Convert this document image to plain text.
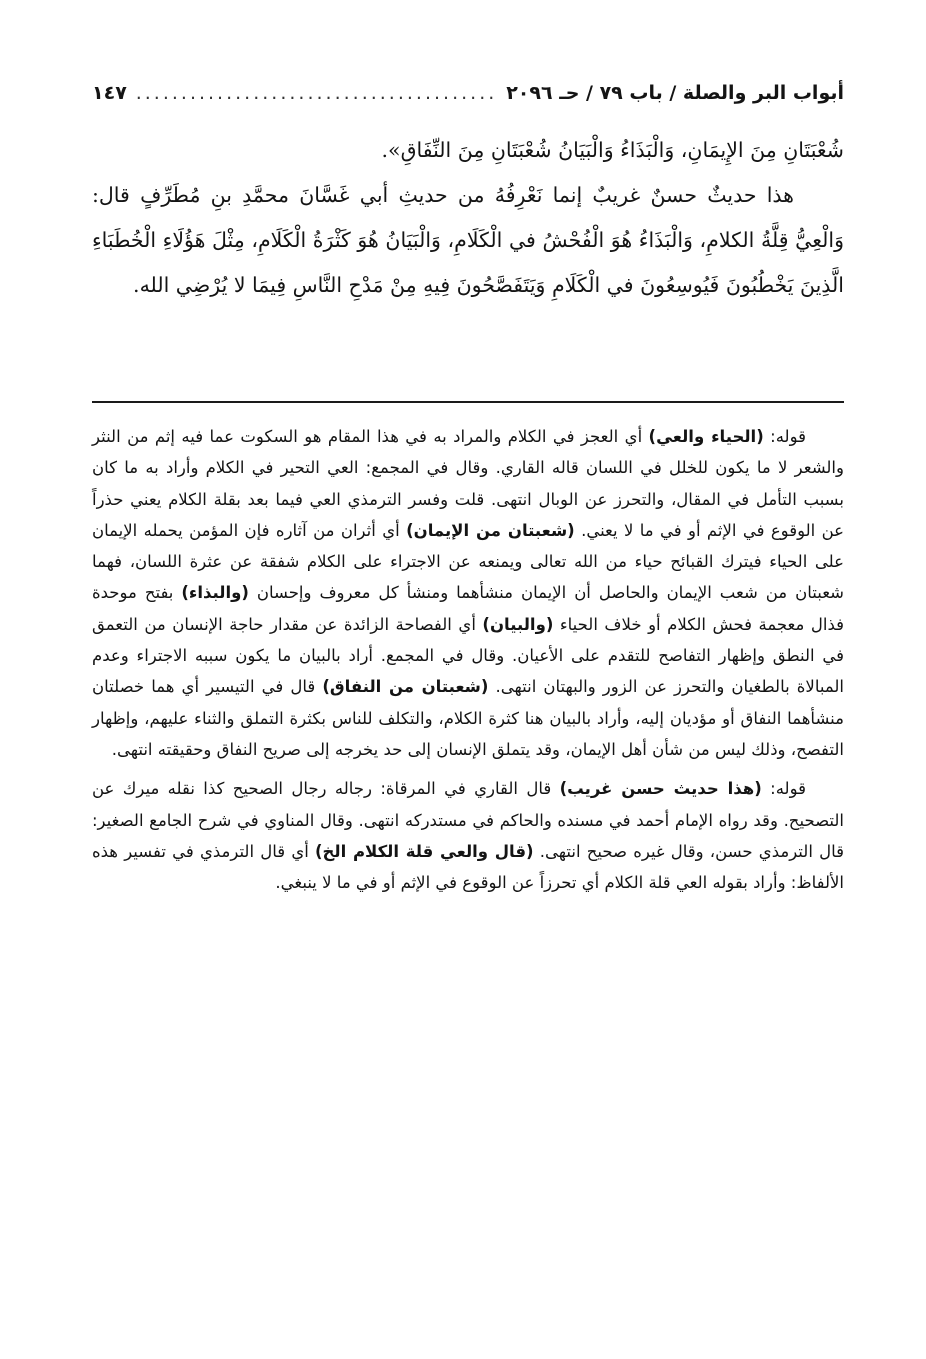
أبواب البر والصلة / باب ٧٩ / حـ ٢٠٩٦
........................................
١٤٧

شُعْبَتَانِ مِنَ الإِيمَانِ، وَالْبَذَاءُ وَالْبَيَانُ شُعْبَتَانِ مِنَ النِّفَاقِ».

هذا حديثٌ حسنٌ غريبٌ إنما نَعْرِفُهُ من حديثِ أبي غَسَّانَ محمَّدِ بنِ مُطَرِّفٍ قال: وَالْعِيُّ قِلَّةُ الكلامِ، وَالْبَذَاءُ هُوَ الْفُحْشُ في الْكَلَامِ، وَالْبَيَانُ هُوَ كَثْرَةُ الْكَلَامِ، مِثْلَ هَؤُلَاءِ الْخُطَبَاءِ الَّذِينَ يَخْطُبُونَ فَيُوسِعُونَ في الْكَلَامِ وَيَتَفَصَّحُونَ فِيهِ مِنْ مَدْحِ النَّاسِ فِيمَا لا يُرْضِي الله.

قوله: (الحياء والعي) أي العجز في الكلام والمراد به في هذا المقام هو السكوت عما فيه إثم من النثر والشعر لا ما يكون للخلل في اللسان قاله القاري. وقال في المجمع: العي التحير في الكلام وأراد به ما كان بسبب التأمل في المقال، والتحرز عن الوبال انتهى. قلت وفسر الترمذي العي فيما بعد بقلة الكلام يعني حذراً عن الوقوع في الإثم أو في ما لا يعني. (شعبتان من الإيمان) أي أثران من آثاره فإن المؤمن يحمله الإيمان على الحياء فيترك القبائح حياء من الله تعالى ويمنعه عن الاجتراء على الكلام شفقة عن عثرة اللسان، فهما شعبتان من شعب الإيمان والحاصل أن الإيمان منشأهما ومنشأ كل معروف وإحسان (والبذاء) بفتح موحدة فذال معجمة فحش الكلام أو خلاف الحياء (والبيان) أي الفصاحة الزائدة عن مقدار حاجة الإنسان من التعمق في النطق وإظهار التفاصح للتقدم على الأعيان. وقال في المجمع. أراد بالبيان ما يكون سببه الاجتراء وعدم المبالاة بالطغيان والتحرز عن الزور والبهتان انتهى. (شعبتان من النفاق) قال في التيسير أي هما خصلتان منشأهما النفاق أو مؤديان إليه، وأراد بالبيان هنا كثرة الكلام، والتكلف للناس بكثرة التملق والثناء عليهم، وإظهار التفصح، وذلك ليس من شأن أهل الإيمان، وقد يتملق الإنسان إلى حد يخرجه إلى صريح النفاق وحقيقته انتهى.

قوله: (هذا حديث حسن غريب) قال القاري في المرقاة: رجاله رجال الصحيح كذا نقله ميرك عن التصحيح. وقد رواه الإمام أحمد في مسنده والحاكم في مستدركه انتهى. وقال المناوي في شرح الجامع الصغير: قال الترمذي حسن، وقال غيره صحيح انتهى. (قال والعي قلة الكلام الخ) أي قال الترمذي في تفسير هذه الألفاظ: وأراد بقوله العي قلة الكلام أي تحرزاً عن الوقوع في الإثم أو في ما لا ينبغي.
